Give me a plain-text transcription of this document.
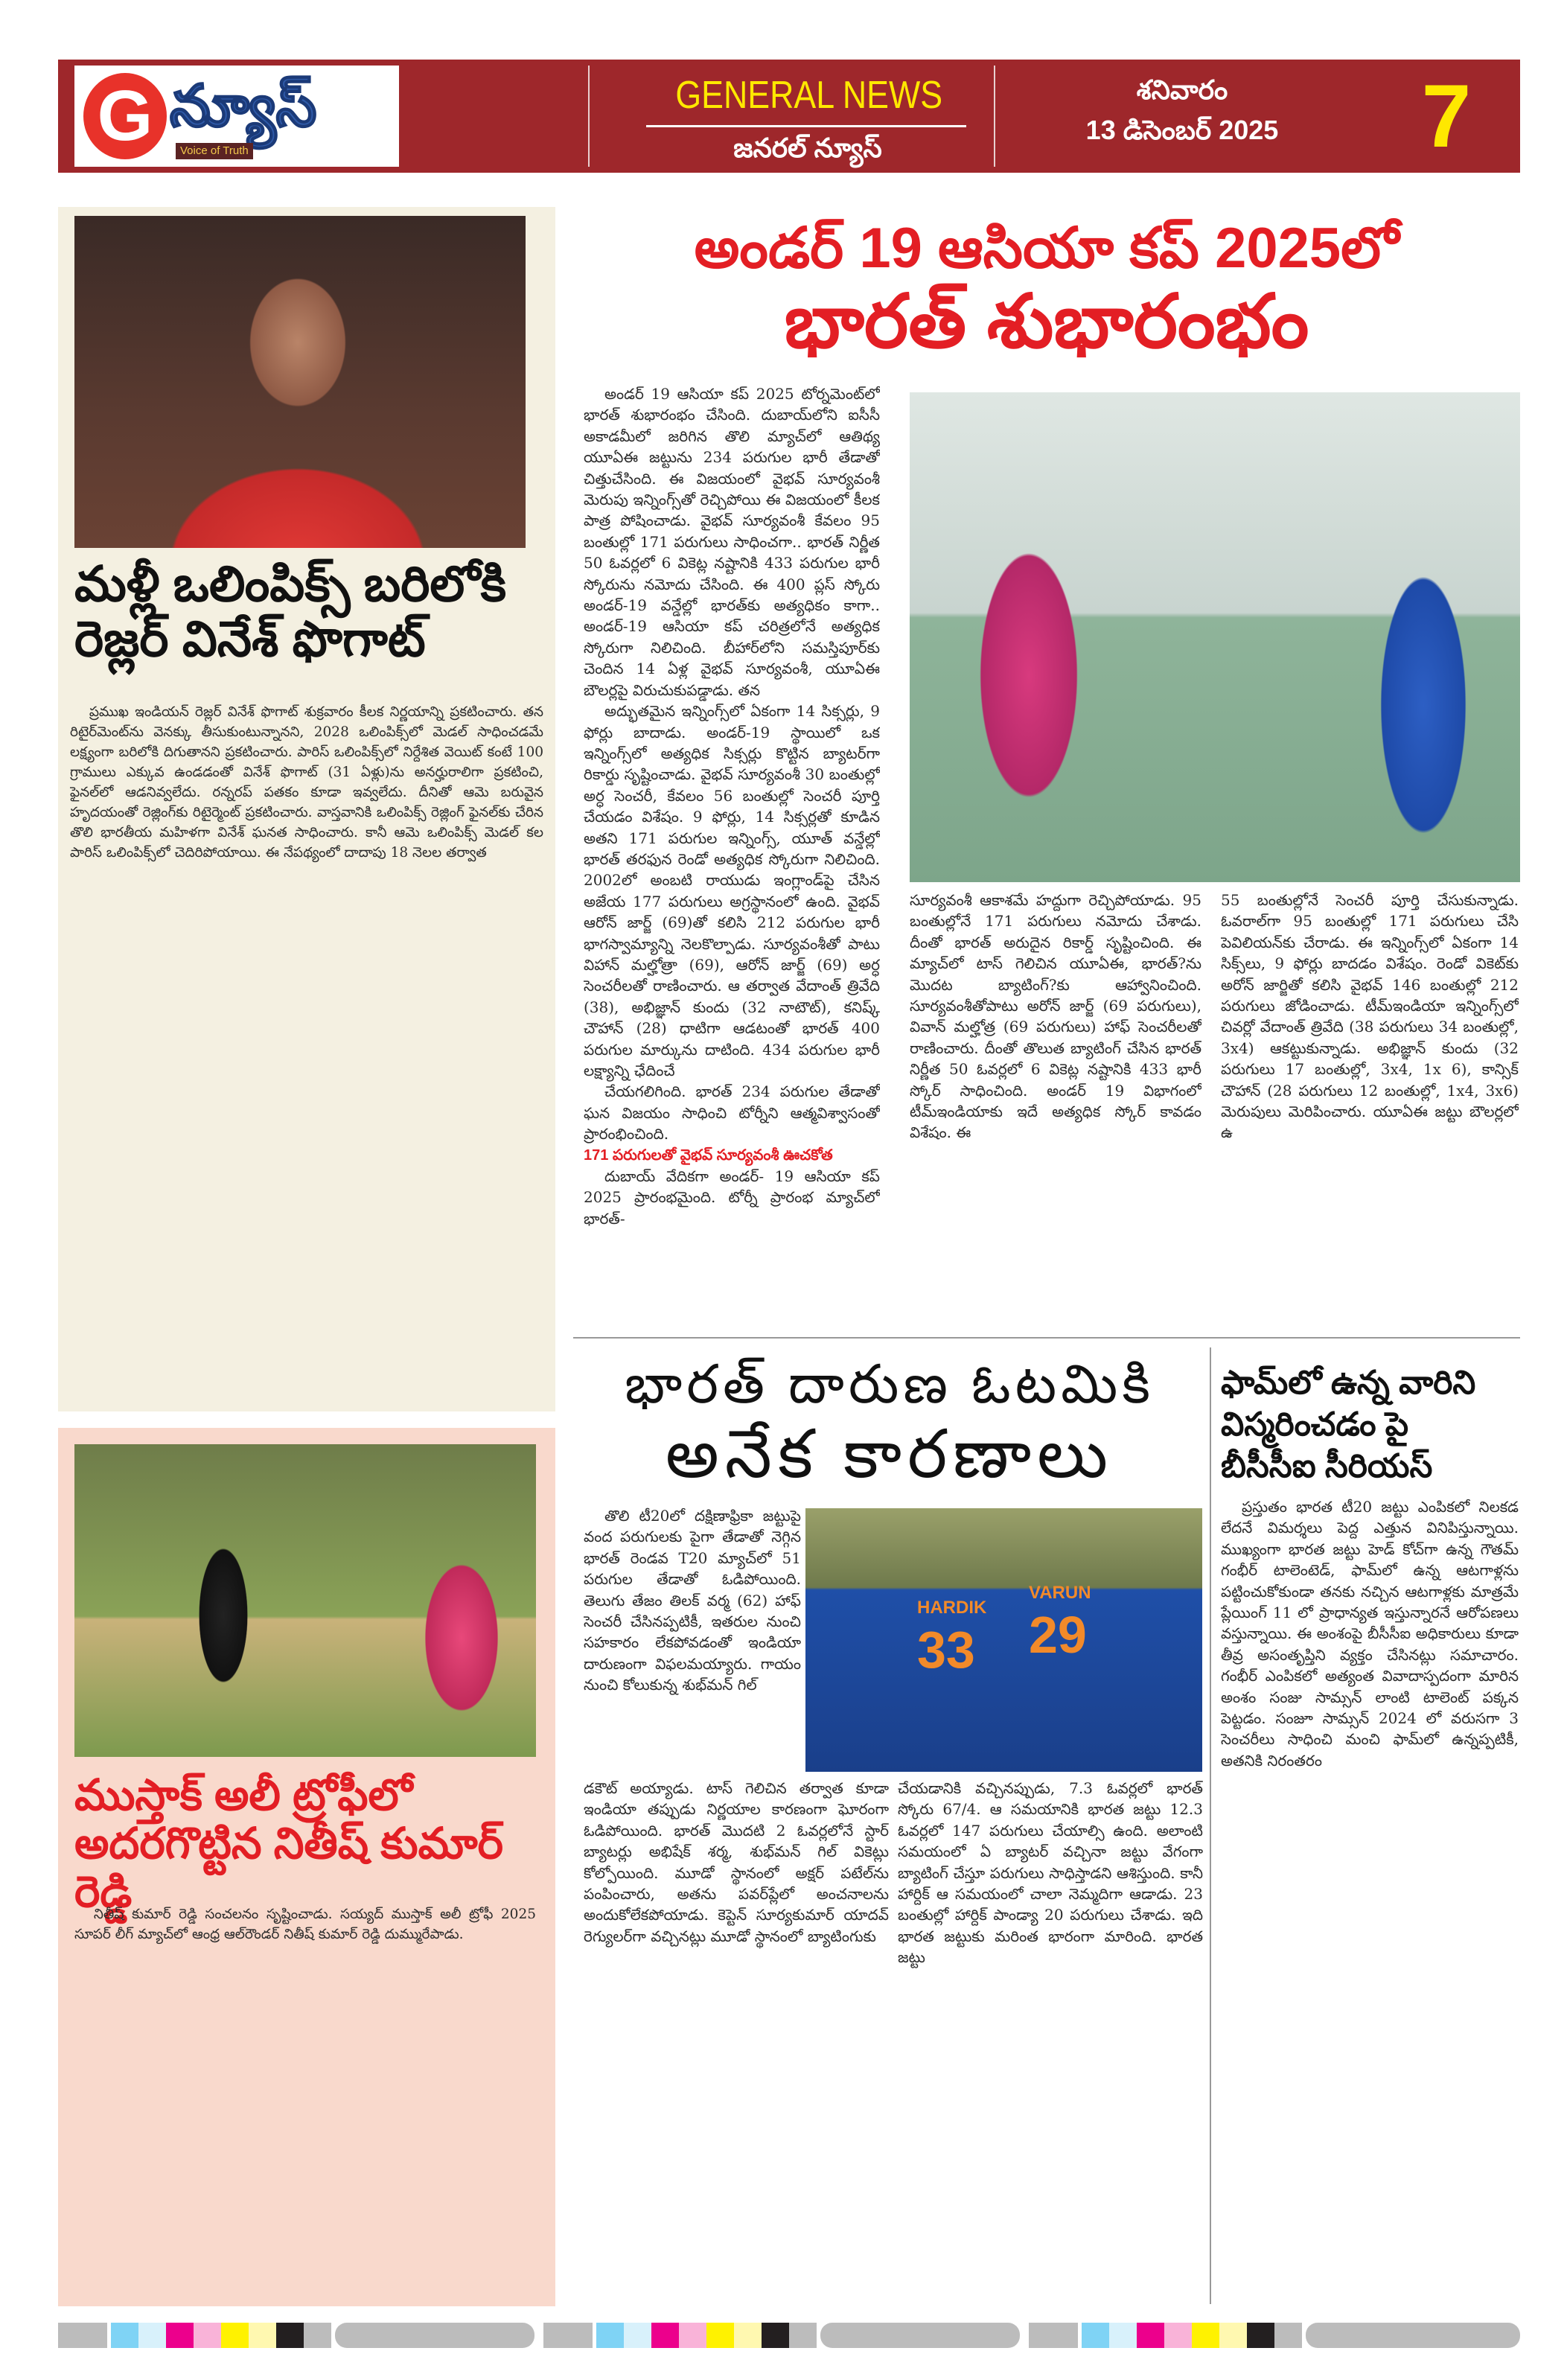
G న్యూస్
Voice of Truth
GENERAL NEWS
జనరల్ న్యూస్
శనివారం
13 డిసెంబర్ 2025	7
మళ్లీ ఒలింపిక్స్ బరిలోకి
రెజ్లర్ వినేశ్ ఫొగాట్

ప్రముఖ ఇండియన్ రెజ్లర్ వినేశ్ ఫొగాట్ శుక్రవారం కీలక నిర్ణయాన్ని ప్రకటించారు. తన రిటైర్‌మెంట్‌ను వెనక్కు తీసుకుంటున్నానని, 2028 ఒలింపిక్స్‌లో మెడల్ సాధించడమే లక్ష్యంగా బరిలోకి దిగుతానని ప్రకటించారు. పారిస్ ఒలింపిక్స్‌లో నిర్దేశిత వెయిట్ కంటే 100 గ్రాములు ఎక్కువ ఉండడంతో వినేశ్ ఫొగాట్ (31 ఏళ్లు)ను అనర్హురాలిగా ప్రకటించి, ఫైనల్‌లో ఆడనివ్వలేదు. రన్నరప్ పతకం కూడా ఇవ్వలేదు. దీనితో ఆమె బరువైన హృదయంతో రెజ్లింగ్‌కు రిటైర్మెంట్ ప్రకటించారు. వాస్తవానికి ఒలింపిక్స్ రెజ్లింగ్ ఫైనల్‌కు చేరిన తొలి భారతీయ మహిళగా వినేశ్ ఘనత సాధించారు. కానీ ఆమె ఒలింపిక్స్ మెడల్ కల పారిస్ ఒలింపిక్స్‌లో చెదిరిపోయాయి. ఈ నేపథ్యంలో దాదాపు 18 నెలల తర్వాత

ముస్తాక్ అలీ ట్రోఫీలో
అదరగొట్టిన నితీష్ కుమార్ రెడ్డి

నితీష్ కుమార్ రెడ్డి సంచలనం సృష్టించాడు. సయ్యద్ ముస్తాక్ అలీ ట్రోఫీ 2025 సూపర్ లీగ్ మ్యాచ్‌లో ఆంధ్ర ఆల్‌రౌండర్ నితీష్ కుమార్ రెడ్డి దుమ్మురేపాడు.

అండర్ 19 ఆసియా కప్ 2025లో
భారత్ శుభారంభం

అండర్ 19 ఆసియా కప్ 2025 టోర్నమెంట్‌లో భారత్ శుభారంభం చేసింది. దుబాయ్‌లోని ఐసీసీ అకాడమీలో జరిగిన తొలి మ్యాచ్‌లో ఆతిథ్య యూఏఈ జట్టును 234 పరుగుల భారీ తేడాతో చిత్తుచేసింది. ఈ విజయంలో వైభవ్ సూర్యవంశీ మెరుపు ఇన్నింగ్స్‌తో రెచ్చిపోయి ఈ విజయంలో కీలక పాత్ర పోషించాడు. వైభవ్ సూర్యవంశీ కేవలం 95 బంతుల్లో 171 పరుగులు సాధించగా.. భారత్ నిర్ణీత 50 ఓవర్లలో 6 వికెట్ల నష్టానికి 433 పరుగుల భారీ స్కోరును నమోదు చేసింది. ఈ 400 ప్లస్ స్కోరు అండర్-19 వన్డేల్లో భారత్‌కు అత్యధికం కాగా.. అండర్-19 ఆసియా కప్ చరిత్రలోనే అత్యధిక స్కోరుగా నిలిచింది. బీహార్‌లోని సమస్తిపూర్‌కు చెందిన 14 ఏళ్ల వైభవ్ సూర్యవంశీ, యూఏఈ బౌలర్లపై విరుచుకుపడ్డాడు. తన

అద్భుతమైన ఇన్నింగ్స్‌లో ఏకంగా 14 సిక్సర్లు, 9 ఫోర్లు బాదాడు. అండర్-19 స్థాయిలో ఒక ఇన్నింగ్స్‌లో అత్యధిక సిక్సర్లు కొట్టిన బ్యాటర్‌గా రికార్డు సృష్టించాడు. వైభవ్ సూర్యవంశీ 30 బంతుల్లో అర్ధ సెంచరీ, కేవలం 56 బంతుల్లో సెంచరీ పూర్తి చేయడం విశేషం. 9 ఫోర్లు, 14 సిక్సర్లతో కూడిన అతని 171 పరుగుల ఇన్నింగ్స్, యూత్ వన్డేల్లో భారత్ తరఫున రెండో అత్యధిక స్కోరుగా నిలిచింది. 2002లో అంబటి రాయుడు ఇంగ్లాండ్‌పై చేసిన అజేయ 177 పరుగులు అగ్రస్థానంలో ఉంది. వైభవ్ ఆరోన్ జార్జ్ (69)తో కలిసి 212 పరుగుల భారీ భాగస్వామ్యాన్ని నెలకొల్పాడు. సూర్యవంశీతో పాటు విహాన్ మల్హోత్రా (69), ఆరోన్ జార్జ్ (69) అర్ధ సెంచరీలతో రాణించారు. ఆ తర్వాత వేదాంత్ త్రివేది (38), అభిజ్ఞాన్ కుందు (32 నాటౌట్), కనిష్క్ చౌహాన్ (28) ధాటిగా ఆడటంతో భారత్ 400 పరుగుల మార్కును దాటింది. 434 పరుగుల భారీ లక్ష్యాన్ని ఛేదించే

చేయగలిగింది. భారత్ 234 పరుగుల తేడాతో ఘన విజయం సాధించి టోర్నీని ఆత్మవిశ్వాసంతో ప్రారంభించింది.

171 పరుగులతో వైభవ్ సూర్యవంశీ ఊచకోత

దుబాయ్ వేదికగా అండర్- 19 ఆసియా కప్ 2025 ప్రారంభమైంది. టోర్నీ ప్రారంభ మ్యాచ్‌లో భారత్-

సూర్యవంశీ ఆకాశమే హద్దుగా రెచ్చిపోయాడు. 95 బంతుల్లోనే 171 పరుగులు నమోదు చేశాడు. దీంతో భారత్ అరుదైన రికార్డ్ సృష్టించింది. ఈ మ్యాచ్‌లో టాస్ గెలిచిన యూఏఈ, భారత్?ను మొదట బ్యాటింగ్?కు ఆహ్వానించింది. సూర్యవంశీతోపాటు అరోన్ జార్జ్ (69 పరుగులు), వివాన్ మల్హోత్ర (69 పరుగులు) హాఫ్ సెంచరీలతో రాణించారు. దీంతో తొలుత బ్యాటింగ్ చేసిన భారత్ నిర్ణీత 50 ఓవర్లలో 6 వికెట్ల నష్టానికి 433 భారీ స్కోర్ సాధించింది. అండర్ 19 విభాగంలో టీమ్ఇండియాకు ఇదే అత్యధిక స్కోర్ కావడం విశేషం. ఈ

55 బంతుల్లోనే సెంచరీ పూర్తి చేసుకున్నాడు. ఓవరాల్‌గా 95 బంతుల్లో 171 పరుగులు చేసి పెవిలియన్‌కు చేరాడు. ఈ ఇన్నింగ్స్‌లో ఏకంగా 14 సిక్స్‌లు, 9 ఫోర్లు బాదడం విశేషం. రెండో వికెట్‌కు అరోన్ జార్జితో కలిసి వైభవ్ 146 బంతుల్లో 212 పరుగులు జోడించాడు. టీమ్ఇండియా ఇన్నింగ్స్‌లో చివర్లో వేదాంత్ త్రివేది (38 పరుగులు 34 బంతుల్లో, 3x4) ఆకట్టుకున్నాడు. అభిజ్ఞాన్ కుందు (32 పరుగులు 17 బంతుల్లో, 3x4, 1x 6), కాన్సిక్ చౌహాన్ (28 పరుగులు 12 బంతుల్లో, 1x4, 3x6) మెరుపులు మెరిపించారు. యూఏఈ జట్టు బౌలర్లలో ఉ

భారత్ దారుణ ఓటమికి
అనేక కారణాలు

తొలి టీ20లో దక్షిణాఫ్రికా జట్టుపై వంద పరుగులకు పైగా తేడాతో నెగ్గిన భారత్ రెండవ T20 మ్యాచ్‌లో 51 పరుగుల తేడాతో ఓడిపోయింది. తెలుగు తేజం తిలక్ వర్మ (62) హాఫ్ సెంచరీ చేసినప్పటికీ, ఇతరుల నుంచి సహకారం లేకపోవడంతో ఇండియా దారుణంగా విఫలమయ్యారు. గాయం నుంచి కోలుకున్న శుభ్‌మన్ గిల్

HARDIK
33
VARUN
29

డకౌట్ అయ్యాడు. టాస్ గెలిచిన తర్వాత కూడా ఇండియా తప్పుడు నిర్ణయాల కారణంగా ఘోరంగా ఓడిపోయింది. భారత్ మొదటి 2 ఓవర్లలోనే స్టార్ బ్యాటర్లు అభిషేక్ శర్మ, శుభ్‌మన్ గిల్ వికెట్లు కోల్పోయింది. మూడో స్థానంలో అక్షర్ పటేల్‌ను పంపించారు, అతను పవర్‌ప్లేలో అంచనాలను అందుకోలేకపోయాడు. కెప్టెన్ సూర్యకుమార్ యాదవ్ రెగ్యులర్‌గా వచ్చినట్లు మూడో స్థానంలో బ్యాటింగుకు

చేయడానికి వచ్చినప్పుడు, 7.3 ఓవర్లలో భారత్ స్కోరు 67/4. ఆ సమయానికి భారత జట్టు 12.3 ఓవర్లలో 147 పరుగులు చేయాల్సి ఉంది. అలాంటి సమయంలో ఏ బ్యాటర్ వచ్చినా జట్టు వేగంగా బ్యాటింగ్ చేస్తూ పరుగులు సాధిస్తాడని ఆశిస్తుంది. కానీ హార్దిక్ ఆ సమయంలో చాలా నెమ్మదిగా ఆడాడు. 23 బంతుల్లో హార్దిక్ పాండ్యా 20 పరుగులు చేశాడు. ఇది భారత జట్టుకు మరింత భారంగా మారింది. భారత జట్టు

ఫామ్‌లో ఉన్న వారిని
విస్మరించడం పై
బీసీసీఐ సీరియస్

ప్రస్తుతం భారత టీ20 జట్టు ఎంపికలో నిలకడ లేదనే విమర్శలు పెద్ద ఎత్తున వినిపిస్తున్నాయి. ముఖ్యంగా భారత జట్టు హెడ్ కోచ్‌గా ఉన్న గౌతమ్ గంభీర్ టాలెంటెడ్, ఫామ్‌లో ఉన్న ఆటగాళ్లను పట్టించుకోకుండా తనకు నచ్చిన ఆటగాళ్లకు మాత్రమే ప్లేయింగ్ 11 లో ప్రాధాన్యత ఇస్తున్నారనే ఆరోపణలు వస్తున్నాయి. ఈ అంశంపై బీసీసీఐ అధికారులు కూడా తీవ్ర అసంతృప్తిని వ్యక్తం చేసినట్లు సమాచారం. గంభీర్ ఎంపికలో అత్యంత వివాదాస్పదంగా మారిన అంశం సంజు సామ్సన్ లాంటి టాలెంట్ పక్కన పెట్టడం. సంజూ సామ్సన్ 2024 లో వరుసగా 3 సెంచరీలు సాధించి మంచి ఫామ్‌లో ఉన్నప్పటికీ, అతనికి నిరంతరం
